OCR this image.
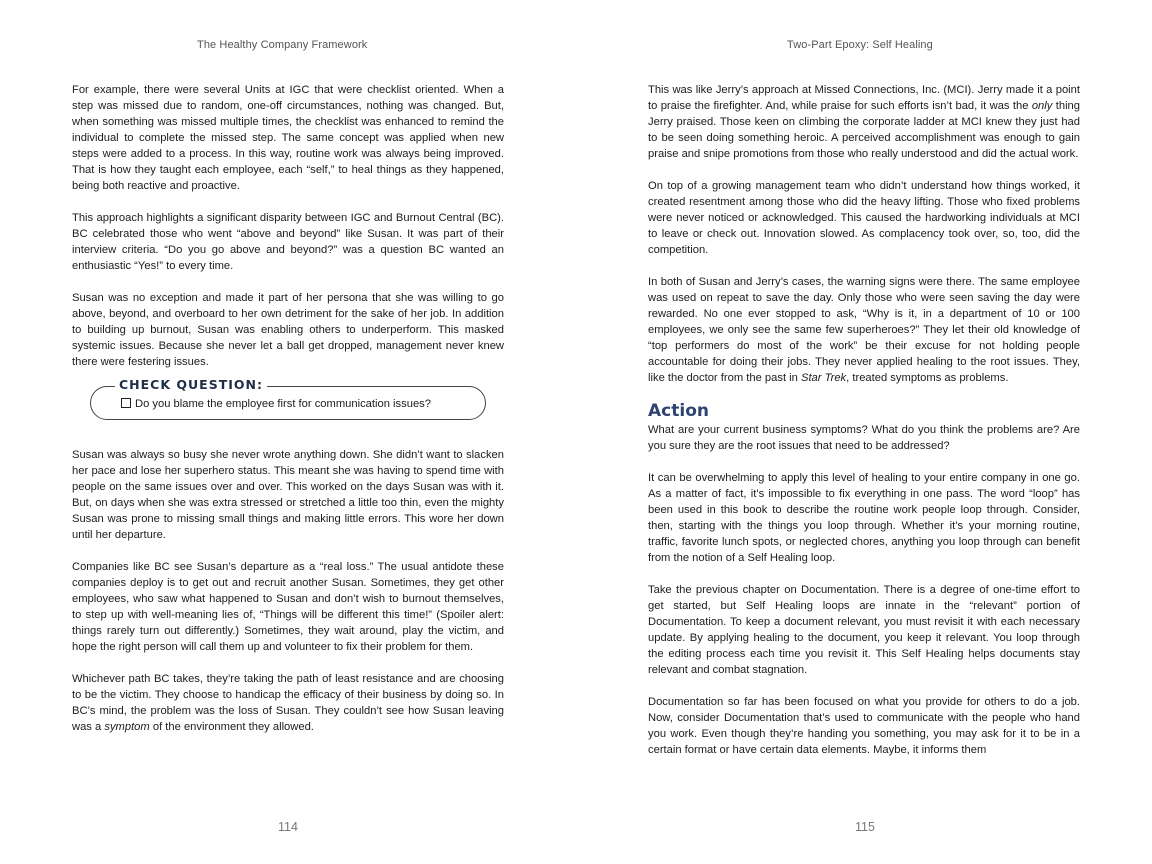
The Healthy Company Framework

For example, there were several Units at IGC that were checklist oriented. When a step was missed due to random, one-off circumstances, nothing was changed. But, when something was missed multiple times, the checklist was enhanced to remind the individual to complete the missed step. The same concept was applied when new steps were added to a process. In this way, routine work was always being improved. That is how they taught each employee, each “self,” to heal things as they happened, being both reactive and proactive.

This approach highlights a significant disparity between IGC and Burnout Central (BC). BC celebrated those who went “above and beyond” like Susan. It was part of their interview criteria. “Do you go above and beyond?” was a question BC wanted an enthusiastic “Yes!” to every time.

Susan was no exception and made it part of her persona that she was willing to go above, beyond, and overboard to her own detriment for the sake of her job. In addition to building up burnout, Susan was enabling others to underperform. This masked systemic issues. Because she never let a ball get dropped, management never knew there were festering issues.

CHECK QUESTION:
Do you blame the employee first for communication issues?

Susan was always so busy she never wrote anything down. She didn’t want to slacken her pace and lose her superhero status. This meant she was having to spend time with people on the same issues over and over. This worked on the days Susan was with it. But, on days when she was extra stressed or stretched a little too thin, even the mighty Susan was prone to missing small things and making little errors. This wore her down until her departure.

Companies like BC see Susan’s departure as a “real loss.” The usual antidote these companies deploy is to get out and recruit another Susan. Sometimes, they get other employees, who saw what happened to Susan and don’t wish to burnout themselves, to step up with well-meaning lies of, “Things will be different this time!” (Spoiler alert: things rarely turn out differently.) Sometimes, they wait around, play the victim, and hope the right person will call them up and volunteer to fix their problem for them.

Whichever path BC takes, they’re taking the path of least resistance and are choosing to be the victim. They choose to handicap the efficacy of their business by doing so. In BC’s mind, the problem was the loss of Susan. They couldn’t see how Susan leaving was a symptom of the environment they allowed.

114
Two-Part Epoxy: Self Healing

This was like Jerry’s approach at Missed Connections, Inc. (MCI). Jerry made it a point to praise the firefighter. And, while praise for such efforts isn’t bad, it was the only thing Jerry praised. Those keen on climbing the corporate ladder at MCI knew they just had to be seen doing something heroic. A perceived accomplishment was enough to gain praise and snipe promotions from those who really understood and did the actual work.

On top of a growing management team who didn’t understand how things worked, it created resentment among those who did the heavy lifting. Those who fixed problems were never noticed or acknowledged. This caused the hardworking individuals at MCI to leave or check out. Innovation slowed. As complacency took over, so, too, did the competition.

In both of Susan and Jerry’s cases, the warning signs were there. The same employee was used on repeat to save the day. Only those who were seen saving the day were rewarded. No one ever stopped to ask, “Why is it, in a department of 10 or 100 employees, we only see the same few superheroes?” They let their old knowledge of “top performers do most of the work” be their excuse for not holding people accountable for doing their jobs. They never applied healing to the root issues. They, like the doctor from the past in Star Trek, treated symptoms as problems.

Action

What are your current business symptoms? What do you think the problems are? Are you sure they are the root issues that need to be addressed?

It can be overwhelming to apply this level of healing to your entire company in one go. As a matter of fact, it’s impossible to fix everything in one pass. The word “loop” has been used in this book to describe the routine work people loop through. Consider, then, starting with the things you loop through. Whether it’s your morning routine, traffic, favorite lunch spots, or neglected chores, anything you loop through can benefit from the notion of a Self Healing loop.

Take the previous chapter on Documentation. There is a degree of one-time effort to get started, but Self Healing loops are innate in the “relevant” portion of Documentation. To keep a document relevant, you must revisit it with each necessary update. By applying healing to the document, you keep it relevant. You loop through the editing process each time you revisit it. This Self Healing helps documents stay relevant and combat stagnation.

Documentation so far has been focused on what you provide for others to do a job. Now, consider Documentation that’s used to communicate with the people who hand you work. Even though they’re handing you something, you may ask for it to be in a certain format or have certain data elements. Maybe, it informs them

115
